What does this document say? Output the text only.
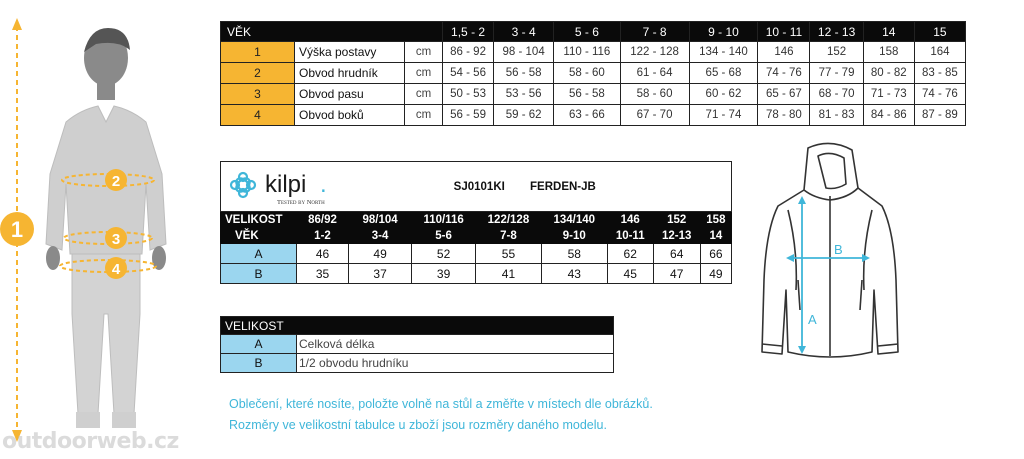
1
2
3
4
VĚK			1,5 - 2	3 - 4	5 - 6	7 - 8	9 - 10	10 - 11	12 - 13	14	15
1	Výška postavy	cm	86 - 92	98 - 104	110 - 116	122 - 128	134 - 140	146	152	158	164
2	Obvod hrudník	cm	54 - 56	56 - 58	58 - 60	61 - 64	65 - 68	74 - 76	77 - 79	80 - 82	83 - 85
3	Obvod pasu	cm	50 - 53	53 - 56	56 - 58	58 - 60	60 - 62	65 - 67	68 - 70	71 - 73	74 - 76
4	Obvod boků	cm	56 - 59	59 - 62	63 - 66	67 - 70	71 - 74	78 - 80	81 - 83	84 - 86	87 - 89
kilpi .
Tested by North			SJ0101KI FERDEN-JB					
VELIKOST	86/92	98/104	110/116	122/128	134/140	146	152	158
VĚK	1-2	3-4	5-6	7-8	9-10	10-11	12-13	14
A	46	49	52	55	58	62	64	66
B	35	37	39	41	43	45	47	49
VELIKOST	
A	Celková délka
B	1/2 obvodu hrudníku
Oblečení, které nosíte, položte volně na stůl a změřte v místech dle obrázků.
Rozměry ve velikostní tabulce u zboží jsou rozměry daného modelu.
A
B
outdoorweb.cz
